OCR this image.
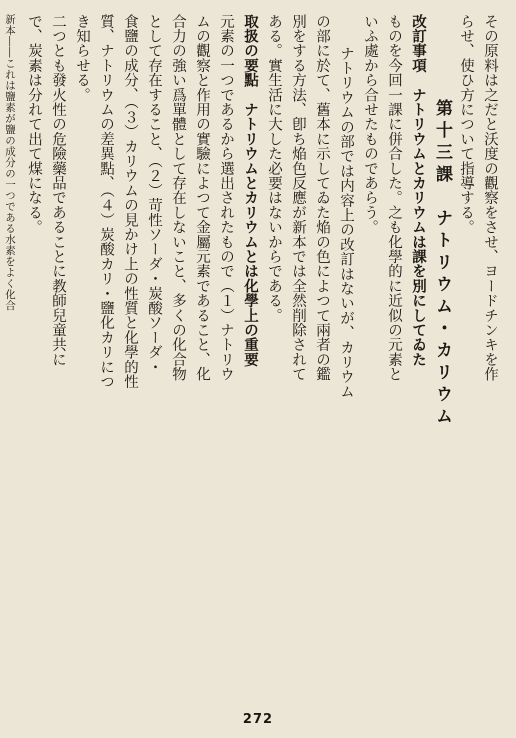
その原料は之だと沃度の觀察をさせ、ヨードチンキを作
らせ、使ひ方について指導する。
第十三課　ナトリウム・カリウム
改訂事項　ナトリウムとカリウムは課を別にしてゐた
ものを今回一課に併合した。之も化學的に近似の元素と
いふ處から合せたものであらう。
ナトリウムの部では内容上の改訂はないが、カリウム
の部に於て、舊本に示してゐた焔の色によつて兩者の鑑
別をする方法、卽ち焔色反應が新本では全然削除されて
ある。實生活に大した必要はないからである。
取扱の要點　ナトリウムとカリウムとは化學上の重要
元素の一つであるから選出されたもので（１）ナトリウ
ムの觀察と作用の實驗によつて金屬元素であること、化
合力の強い爲單體として存在しないこと、多くの化合物
として存在すること、（２）苛性ソーダ・炭酸ソーダ・
食鹽の成分、（３）カリウムの見かけ上の性質と化學的性
質、ナトリウムの差異點、（４）炭酸カリ・鹽化カリにつ
き知らせる。
二つとも發火性の危險藥品であることに教師兒童共に
で、炭素は分れて出て煤になる。
新本――これは鹽素が鹽の成分の一つである水素をよく化合
272
